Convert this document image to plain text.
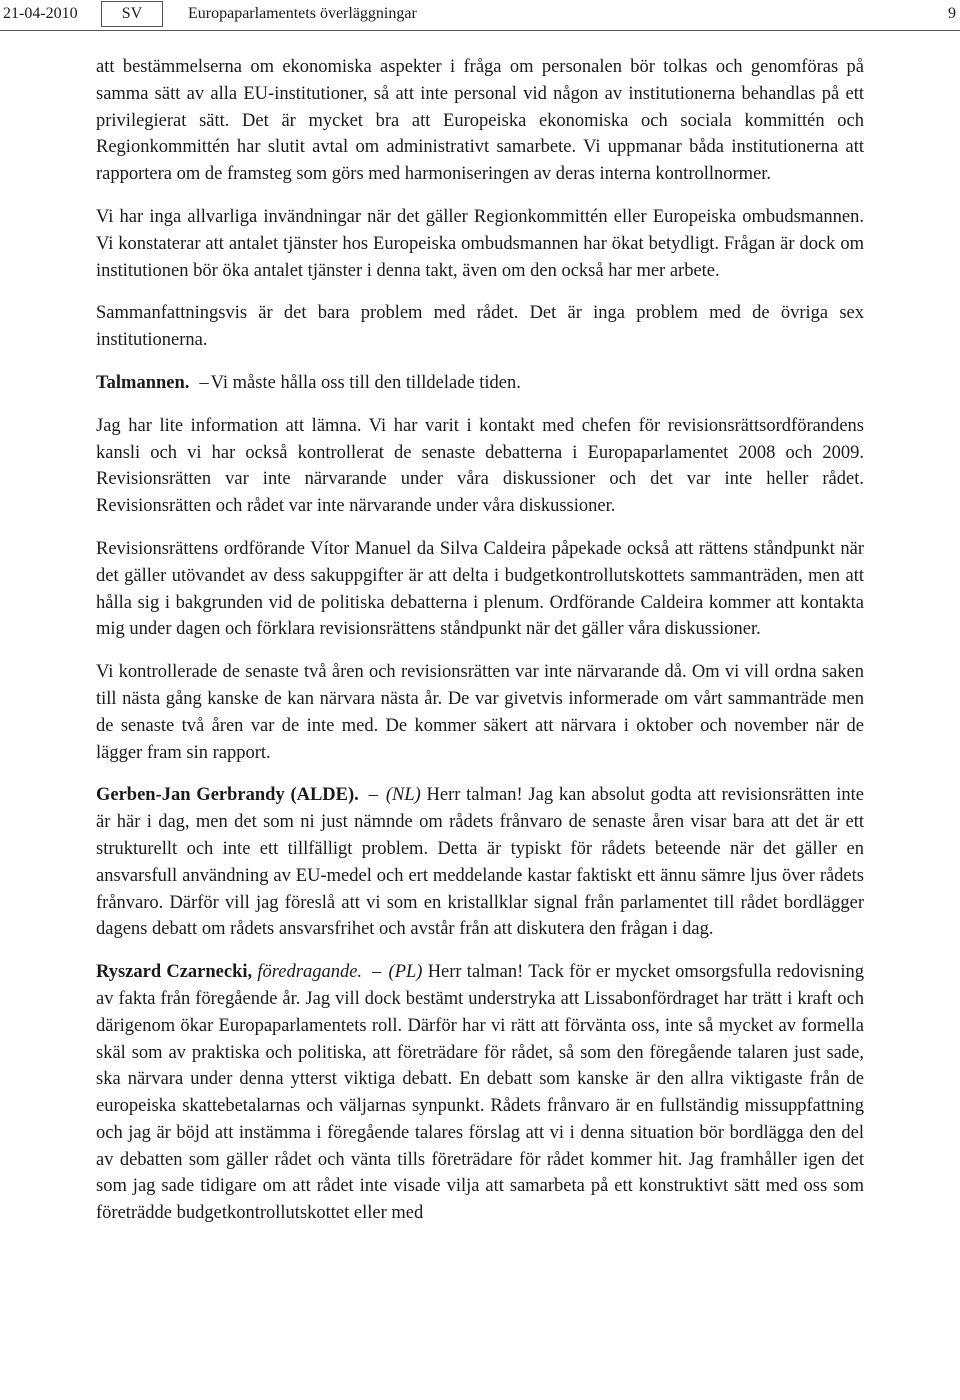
21-04-2010	SV	Europaparlamentets överläggningar	9

att bestämmelserna om ekonomiska aspekter i fråga om personalen bör tolkas och genomföras på samma sätt av alla EU-institutioner, så att inte personal vid någon av institutionerna behandlas på ett privilegierat sätt. Det är mycket bra att Europeiska ekonomiska och sociala kommittén och Regionkommittén har slutit avtal om administrativt samarbete. Vi uppmanar båda institutionerna att rapportera om de framsteg som görs med harmoniseringen av deras interna kontrollnormer.

Vi har inga allvarliga invändningar när det gäller Regionkommittén eller Europeiska ombudsmannen. Vi konstaterar att antalet tjänster hos Europeiska ombudsmannen har ökat betydligt. Frågan är dock om institutionen bör öka antalet tjänster i denna takt, även om den också har mer arbete.

Sammanfattningsvis är det bara problem med rådet. Det är inga problem med de övriga sex institutionerna.

Talmannen. – Vi måste hålla oss till den tilldelade tiden.

Jag har lite information att lämna. Vi har varit i kontakt med chefen för revisionsrättsordförandens kansli och vi har också kontrollerat de senaste debatterna i Europaparlamentet 2008 och 2009. Revisionsrätten var inte närvarande under våra diskussioner och det var inte heller rådet. Revisionsrätten och rådet var inte närvarande under våra diskussioner.

Revisionsrättens ordförande Vítor Manuel da Silva Caldeira påpekade också att rättens ståndpunkt när det gäller utövandet av dess sakuppgifter är att delta i budgetkontrollutskottets sammanträden, men att hålla sig i bakgrunden vid de politiska debatterna i plenum. Ordförande Caldeira kommer att kontakta mig under dagen och förklara revisionsrättens ståndpunkt när det gäller våra diskussioner.

Vi kontrollerade de senaste två åren och revisionsrätten var inte närvarande då. Om vi vill ordna saken till nästa gång kanske de kan närvara nästa år. De var givetvis informerade om vårt sammanträde men de senaste två åren var de inte med. De kommer säkert att närvara i oktober och november när de lägger fram sin rapport.

Gerben-Jan Gerbrandy (ALDE). – (NL) Herr talman! Jag kan absolut godta att revisionsrätten inte är här i dag, men det som ni just nämnde om rådets frånvaro de senaste åren visar bara att det är ett strukturellt och inte ett tillfälligt problem. Detta är typiskt för rådets beteende när det gäller en ansvarsfull användning av EU-medel och ert meddelande kastar faktiskt ett ännu sämre ljus över rådets frånvaro. Därför vill jag föreslå att vi som en kristallklar signal från parlamentet till rådet bordlägger dagens debatt om rådets ansvarsfrihet och avstår från att diskutera den frågan i dag.

Ryszard Czarnecki, föredragande. – (PL) Herr talman! Tack för er mycket omsorgsfulla redovisning av fakta från föregående år. Jag vill dock bestämt understryka att Lissabonfördraget har trätt i kraft och därigenom ökar Europaparlamentets roll. Därför har vi rätt att förvänta oss, inte så mycket av formella skäl som av praktiska och politiska, att företrädare för rådet, så som den föregående talaren just sade, ska närvara under denna ytterst viktiga debatt. En debatt som kanske är den allra viktigaste från de europeiska skattebetalarnas och väljarnas synpunkt. Rådets frånvaro är en fullständig missuppfattning och jag är böjd att instämma i föregående talares förslag att vi i denna situation bör bordlägga den del av debatten som gäller rådet och vänta tills företrädare för rådet kommer hit. Jag framhåller igen det som jag sade tidigare om att rådet inte visade vilja att samarbeta på ett konstruktivt sätt med oss som företrädde budgetkontrollutskottet eller med
